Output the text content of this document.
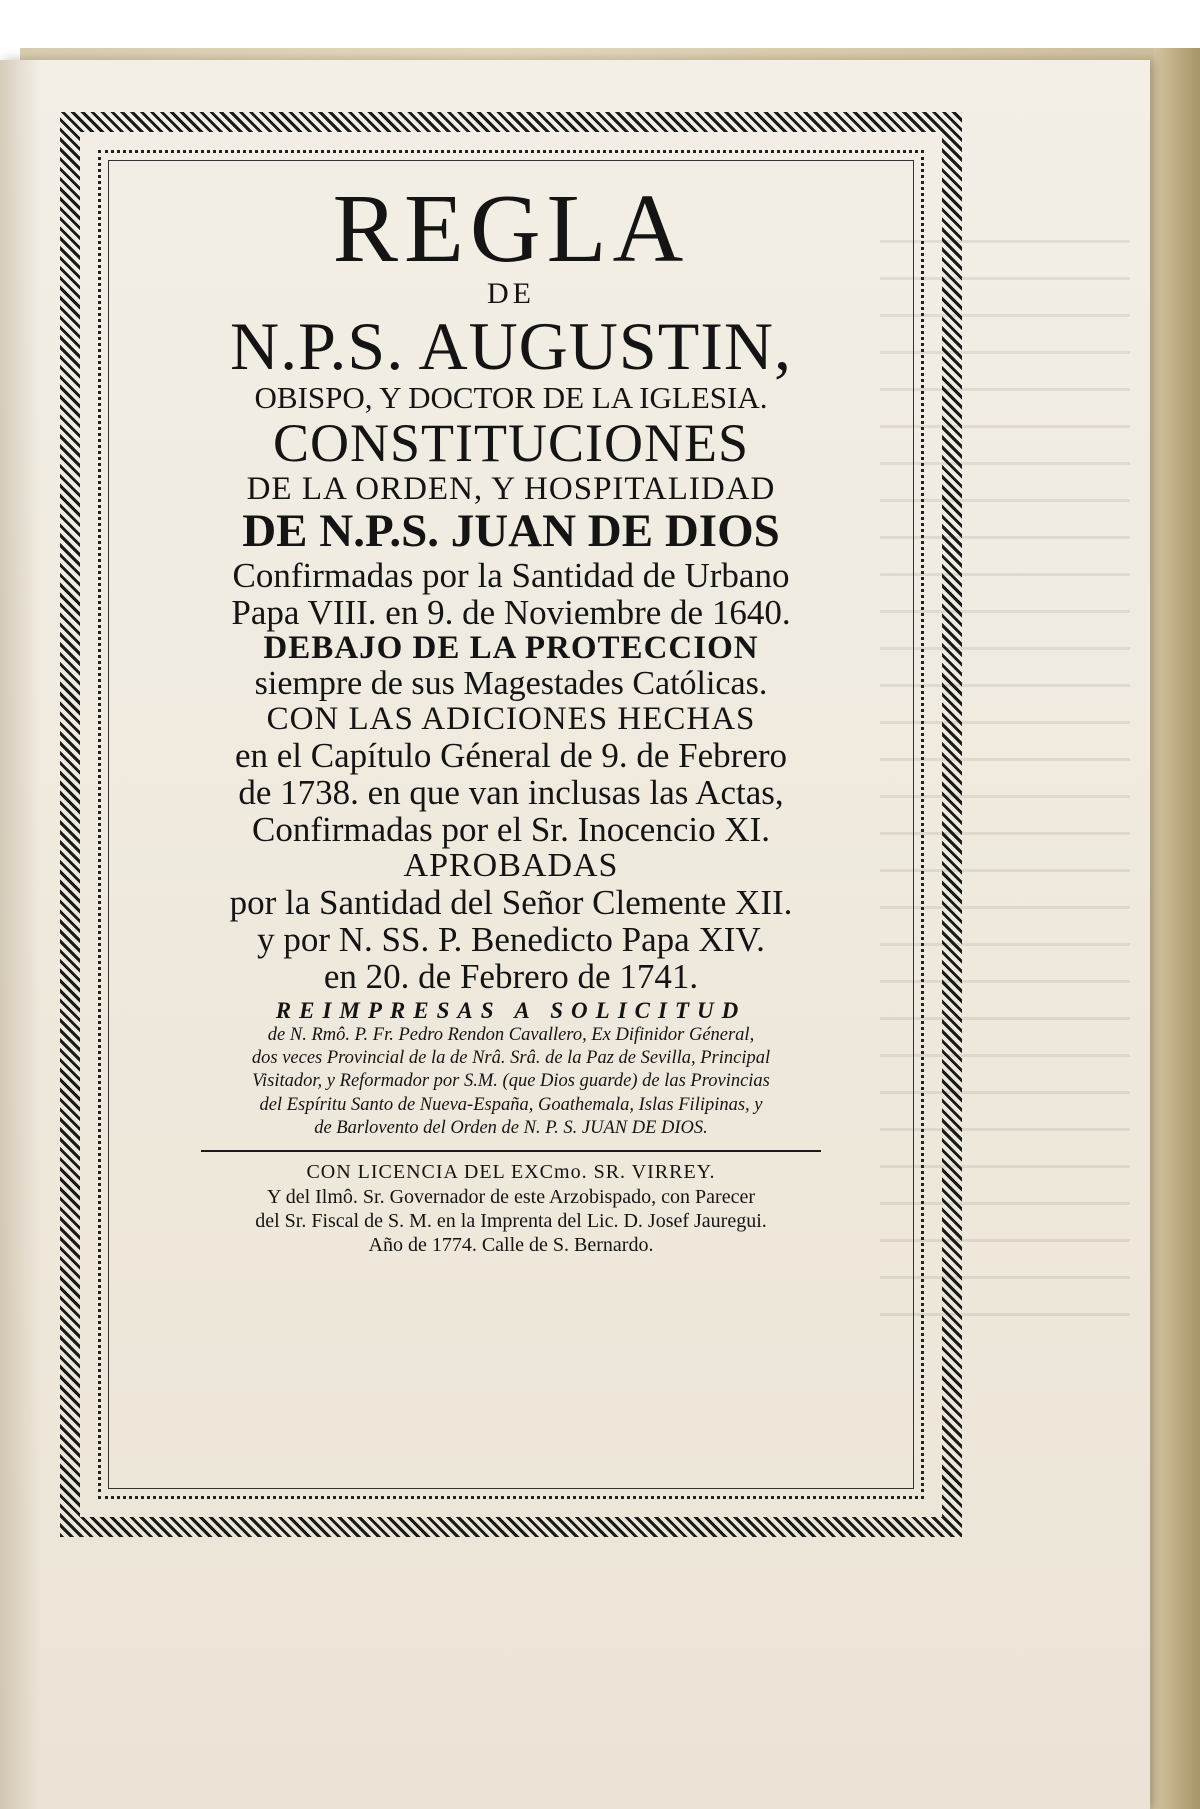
REGLA
DE
N.P.S. AUGUSTIN,
OBISPO, Y DOCTOR DE LA IGLESIA.
CONSTITUCIONES
DE LA ORDEN, Y HOSPITALIDAD
DE N.P.S. JUAN DE DIOS
Confirmadas por la Santidad de Urbano
Papa VIII. en 9. de Noviembre de 1640.
DEBAJO DE LA PROTECCION
siempre de sus Magestades Católicas.
CON LAS ADICIONES HECHAS
en el Capítulo Géneral de 9. de Febrero
de 1738. en que van inclusas las Actas,
Confirmadas por el Sr. Inocencio XI.
APROBADAS
por la Santidad del Señor Clemente XII.
y por N. SS. P. Benedicto Papa XIV.
en 20. de Febrero de 1741.
REIMPRESAS A SOLICITUD
de N. Rmô. P. Fr. Pedro Rendon Cavallero, Ex Difinidor Géneral,
dos veces Provincial de la de Nrâ. Srâ. de la Paz de Sevilla, Principal
Visitador, y Reformador por S.M. (que Dios guarde) de las Provincias
del Espíritu Santo de Nueva-España, Goathemala, Islas Filipinas, y
de Barlovento del Orden de N. P. S. JUAN DE DIOS.
CON LICENCIA DEL EXCmo. SR. VIRREY.
Y del Ilmô. Sr. Governador de este Arzobispado, con Parecer
del Sr. Fiscal de S. M. en la Imprenta del Lic. D. Josef Jauregui.
Año de 1774. Calle de S. Bernardo.
